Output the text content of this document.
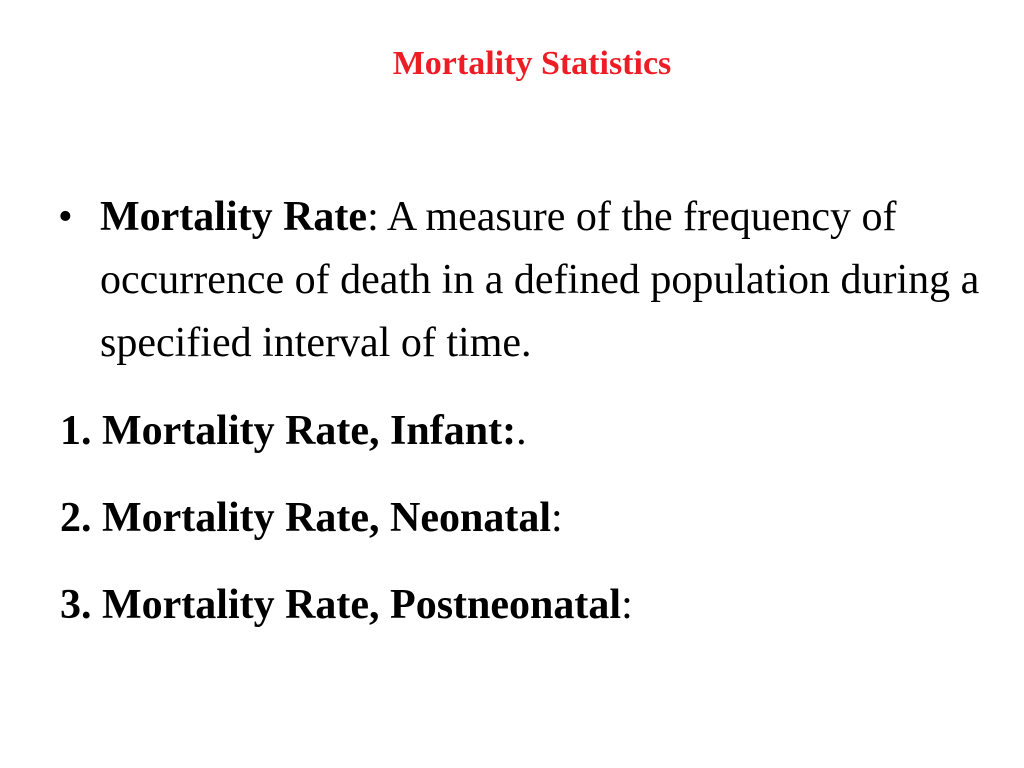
Mortality Statistics
• Mortality Rate: A measure of the frequency of occurrence of death in a defined population during a specified interval of time.
1. Mortality Rate, Infant:.
2. Mortality Rate, Neonatal:
3. Mortality Rate, Postneonatal:
